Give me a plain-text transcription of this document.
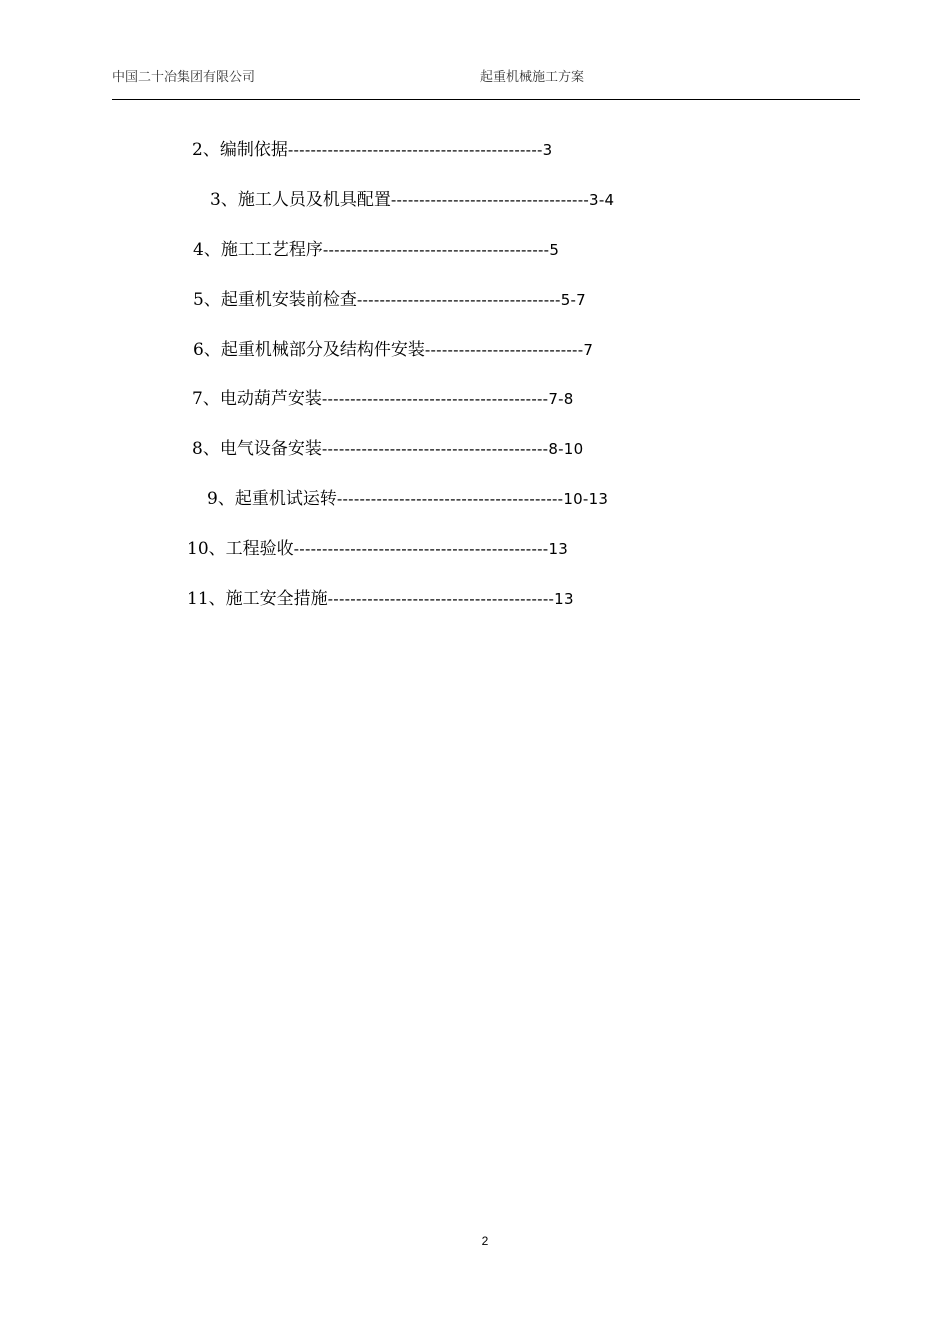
中国二十冶集团有限公司	起重机械施工方案
2、编制依据---------------------------------------------3
3、施工人员及机具配置-----------------------------------3-4
4、施工工艺程序----------------------------------------5
5、起重机安装前检查------------------------------------5-7
6、起重机械部分及结构件安装----------------------------7
7、电动葫芦安装----------------------------------------7-8
8、电气设备安装----------------------------------------8-10
9、起重机试运转----------------------------------------10-13
10、工程验收---------------------------------------------13
11、施工安全措施----------------------------------------13
2
